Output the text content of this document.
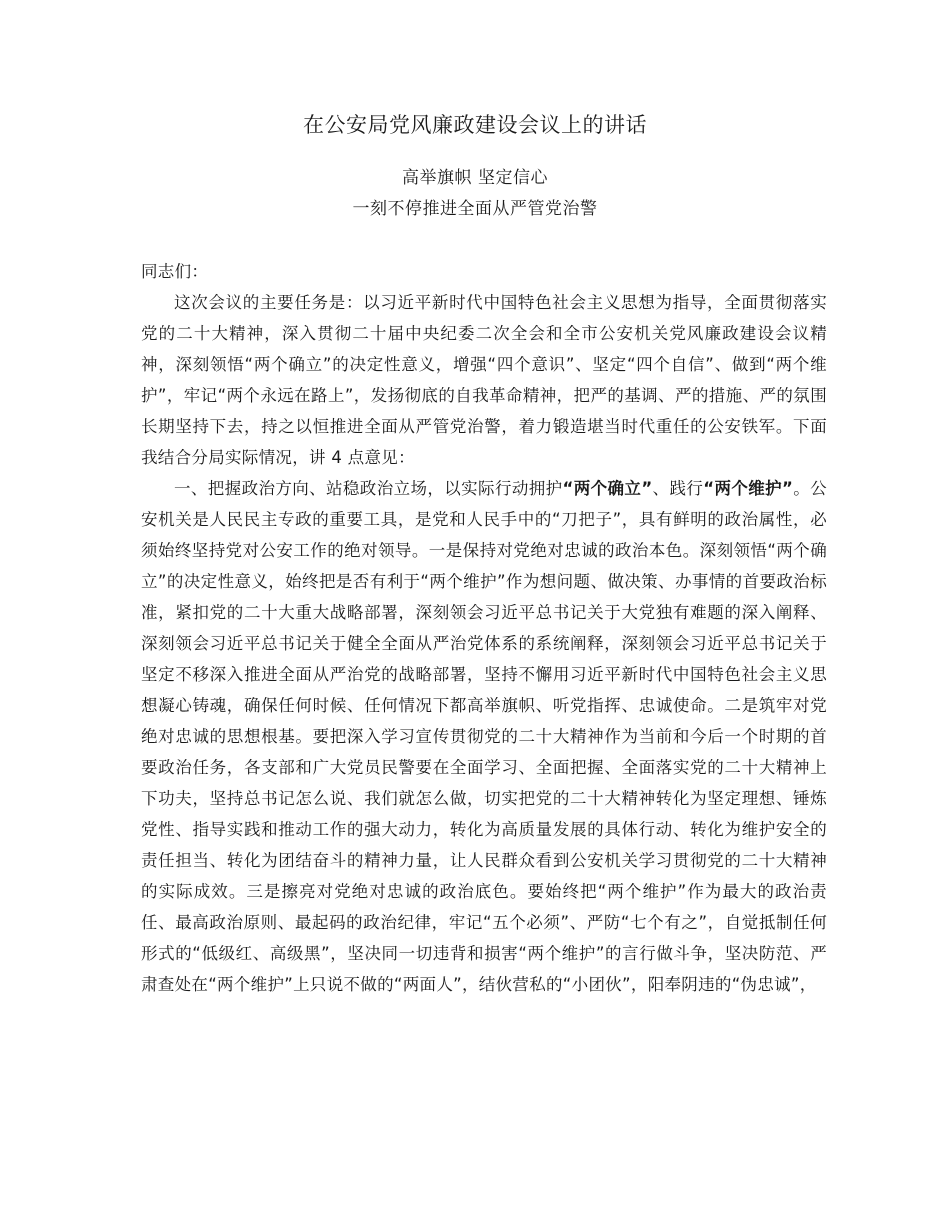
在公安局党风廉政建设会议上的讲话
高举旗帜 坚定信心
一刻不停推进全面从严管党治警

同志们：

这次会议的主要任务是：以习近平新时代中国特色社会主义思想为指导，全面贯彻落实党的二十大精神，深入贯彻二十届中央纪委二次全会和全市公安机关党风廉政建设会议精神，深刻领悟“两个确立”的决定性意义，增强“四个意识”、坚定“四个自信”、做到“两个维护”，牢记“两个永远在路上”，发扬彻底的自我革命精神，把严的基调、严的措施、严的氛围长期坚持下去，持之以恒推进全面从严管党治警，着力锻造堪当时代重任的公安铁军。下面我结合分局实际情况，讲 4 点意见：

一、把握政治方向、站稳政治立场，以实际行动拥护“两个确立”、践行“两个维护”。公安机关是人民民主专政的重要工具，是党和人民手中的“刀把子”，具有鲜明的政治属性，必须始终坚持党对公安工作的绝对领导。一是保持对党绝对忠诚的政治本色。深刻领悟“两个确立”的决定性意义，始终把是否有利于“两个维护”作为想问题、做决策、办事情的首要政治标准，紧扣党的二十大重大战略部署，深刻领会习近平总书记关于大党独有难题的深入阐释、深刻领会习近平总书记关于健全全面从严治党体系的系统阐释，深刻领会习近平总书记关于坚定不移深入推进全面从严治党的战略部署，坚持不懈用习近平新时代中国特色社会主义思想凝心铸魂，确保任何时候、任何情况下都高举旗帜、听党指挥、忠诚使命。二是筑牢对党绝对忠诚的思想根基。要把深入学习宣传贯彻党的二十大精神作为当前和今后一个时期的首要政治任务，各支部和广大党员民警要在全面学习、全面把握、全面落实党的二十大精神上下功夫，坚持总书记怎么说、我们就怎么做，切实把党的二十大精神转化为坚定理想、锤炼党性、指导实践和推动工作的强大动力，转化为高质量发展的具体行动、转化为维护安全的责任担当、转化为团结奋斗的精神力量，让人民群众看到公安机关学习贯彻党的二十大精神的实际成效。三是擦亮对党绝对忠诚的政治底色。要始终把“两个维护”作为最大的政治责任、最高政治原则、最起码的政治纪律，牢记“五个必须”、严防“七个有之”，自觉抵制任何形式的“低级红、高级黑”，坚决同一切违背和损害“两个维护”的言行做斗争，坚决防范、严肃查处在“两个维护”上只说不做的“两面人”，结伙营私的“小团伙”，阳奉阴违的“伪忠诚”，
